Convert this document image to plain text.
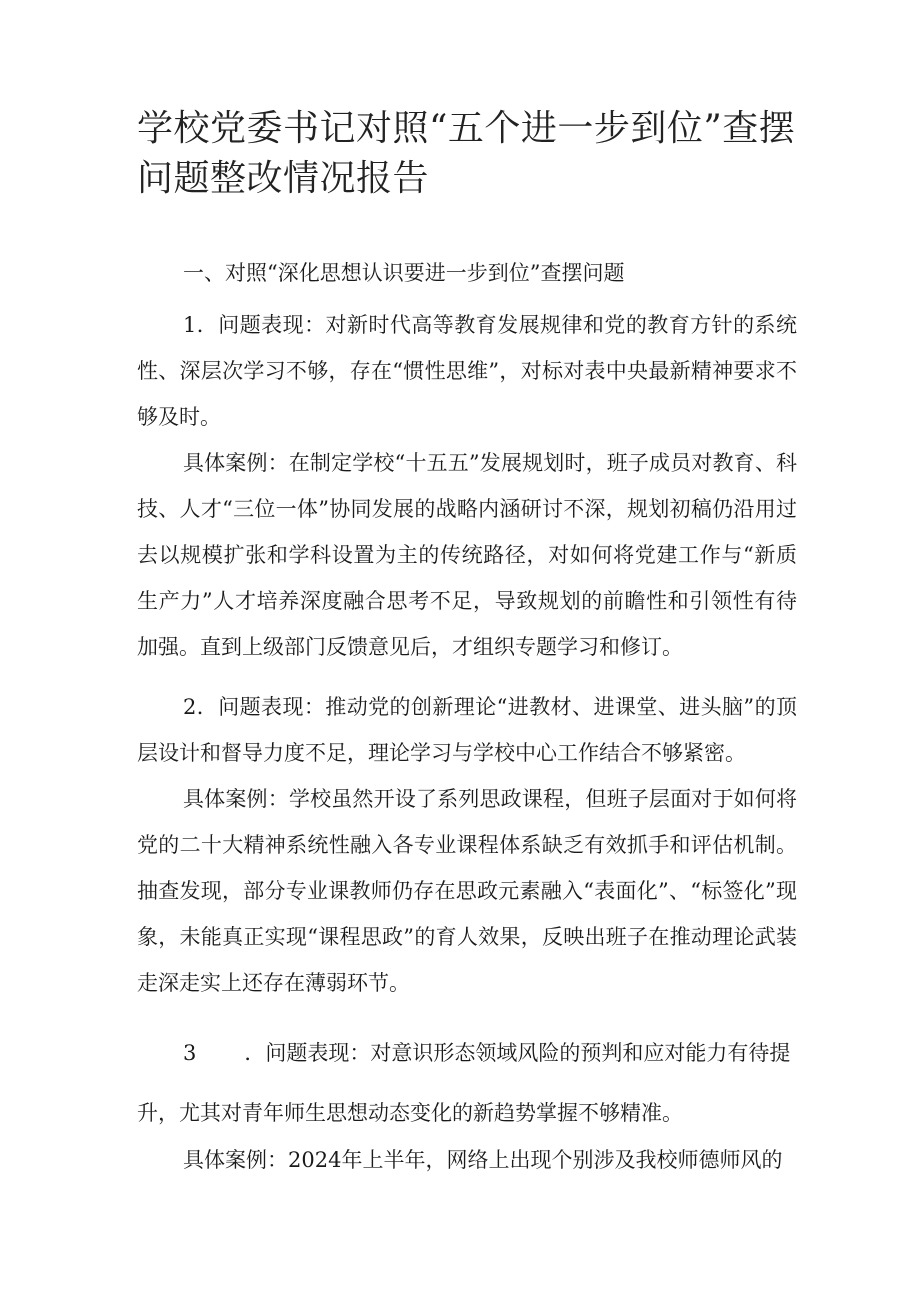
学校党委书记对照“五个进一步到位”查摆
问题整改情况报告

一、对照“深化思想认识要进一步到位”查摆问题

1．问题表现：对新时代高等教育发展规律和党的教育方针的系统性、深层次学习不够，存在“惯性思维”，对标对表中央最新精神要求不够及时。

具体案例：在制定学校“十五五”发展规划时，班子成员对教育、科技、人才“三位一体”协同发展的战略内涵研讨不深，规划初稿仍沿用过去以规模扩张和学科设置为主的传统路径，对如何将党建工作与“新质生产力”人才培养深度融合思考不足，导致规划的前瞻性和引领性有待加强。直到上级部门反馈意见后，才组织专题学习和修订。

2．问题表现：推动党的创新理论“进教材、进课堂、进头脑”的顶层设计和督导力度不足，理论学习与学校中心工作结合不够紧密。

具体案例：学校虽然开设了系列思政课程，但班子层面对于如何将党的二十大精神系统性融入各专业课程体系缺乏有效抓手和评估机制。抽查发现，部分专业课教师仍存在思政元素融入“表面化”、“标签化”现象，未能真正实现“课程思政”的育人效果，反映出班子在推动理论武装走深走实上还存在薄弱环节。

3 ．问题表现：对意识形态领域风险的预判和应对能力有待提

升，尤其对青年师生思想动态变化的新趋势掌握不够精准。

具体案例：2024年上半年，网络上出现个别涉及我校师德师风的
